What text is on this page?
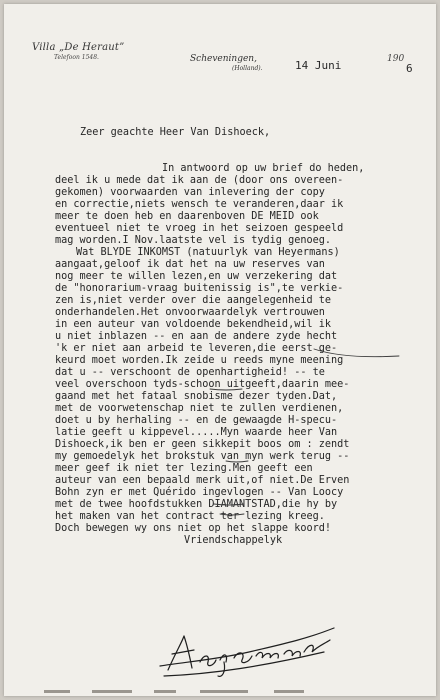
Villa „De Heraut”
Telefoon 1548.	Scheveningen,
(Holland).	14 Juni	190
6
Zeer geachte Heer Van Dishoeck,
In antwoord op uw brief do heden,
deel ik u mede dat ik aan de (door ons overeen-
gekomen) voorwaarden van inlevering der copy
en correctie,niets wensch te veranderen,daar ik
meer te doen heb en daarenboven DE MEID ook
eventueel niet te vroeg in het seizoen gespeeld
mag worden.I Nov.laatste vel is tydig genoeg.
Wat BLYDE INKOMST (natuurlyk van Heyermans)
aangaat,geloof ik dat het na uw reserves van
nog meer te willen lezen,en uw verzekering dat
de "honorarium-vraag buitenissig is",te verkie-
zen is,niet verder over die aangelegenheid te
onderhandelen.Het onvoorwaardelyk vertrouwen
in een auteur van voldoende bekendheid,wil ik
u niet inblazen -- en aan de andere zyde hecht
'k er niet aan arbeid te leveren,die eerst ge-
keurd moet worden.Ik zeide u reeds myne meening
dat u -- verschoont de openhartigheid! -- te
veel overschoon tyds-schoon uitgeeft,daarin mee-
gaand met het fataal snobisme dezer tyden.Dat,
met de voorwetenschap niet te zullen verdienen,
doet u by herhaling -- en de gewaagde H-specu-
latie geeft u kippevel.....Myn waarde heer Van
Dishoeck,ik ben er geen sikkepit boos om : zendt
my gemoedelyk het brokstuk van myn werk terug --
meer geef ik niet ter lezing.Men geeft een
auteur van een bepaald merk uit,of niet.De Erven
Bohn zyn er met Quérido ingevlogen -- Van Loocy
met de twee hoofdstukken DIAMANTSTAD,die hy by
het maken van het contract ter lezing kreeg.
Doch bewegen wy ons niet op het slappe koord!
Vriendschappelyk
